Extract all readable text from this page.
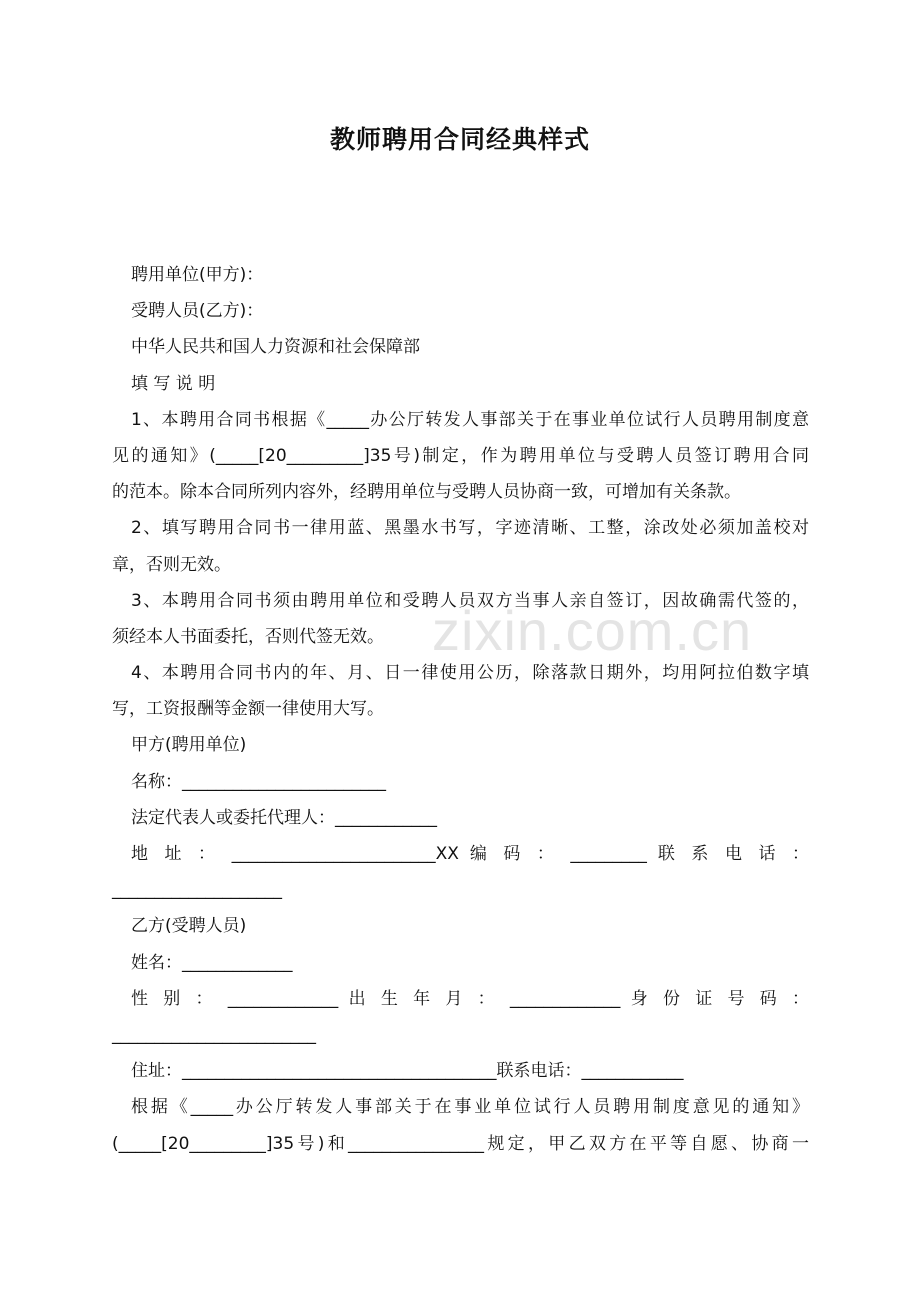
教师聘用合同经典样式
zixin.com.cn

聘用单位(甲方)：

受聘人员(乙方)：

中华人民共和国人力资源和社会保障部

填 写 说 明

1、本聘用合同书根据《_____办公厅转发人事部关于在事业单位试行人员聘用制度意

见的通知》(_____[20_________]35号)制定，作为聘用单位与受聘人员签订聘用合同

的范本。除本合同所列内容外，经聘用单位与受聘人员协商一致，可增加有关条款。

2、填写聘用合同书一律用蓝、黑墨水书写，字迹清晰、工整，涂改处必须加盖校对

章，否则无效。

3、本聘用合同书须由聘用单位和受聘人员双方当事人亲自签订，因故确需代签的，

须经本人书面委托，否则代签无效。

4、本聘用合同书内的年、月、日一律使用公历，除落款日期外，均用阿拉伯数字填

写，工资报酬等金额一律使用大写。

甲方(聘用单位)

名称：________________________

法定代表人或委托代理人：____________

地 址 ： ________________________XX 编 码 ： _________ 联 系 电 话 ：

____________________

乙方(受聘人员)

姓名：_____________

性 别 ： _____________ 出 生 年 月 ： _____________ 身 份 证 号 码 ：

________________________

住址：_____________________________________联系电话：____________

根据《_____办公厅转发人事部关于在事业单位试行人员聘用制度意见的通知》

(_____[20_________]35号)和________________规定，甲乙双方在平等自愿、协商一
